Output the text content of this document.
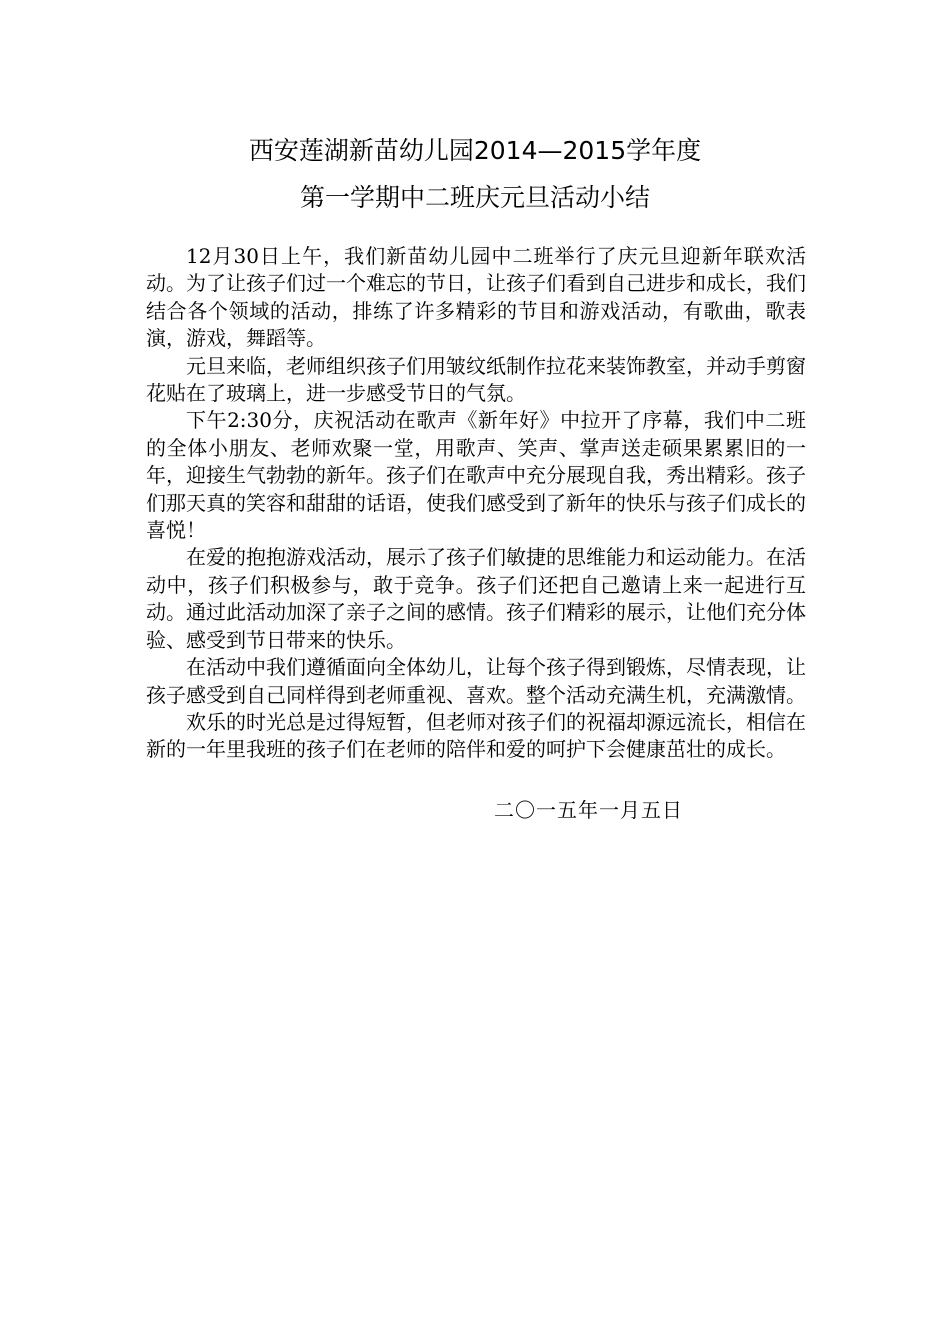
西安莲湖新苗幼儿园2014—2015学年度
第一学期中二班庆元旦活动小结

12月30日上午，我们新苗幼儿园中二班举行了庆元旦迎新年联欢活动。为了让孩子们过一个难忘的节日，让孩子们看到自己进步和成长，我们结合各个领域的活动，排练了许多精彩的节目和游戏活动，有歌曲，歌表演，游戏，舞蹈等。

元旦来临，老师组织孩子们用皱纹纸制作拉花来装饰教室，并动手剪窗花贴在了玻璃上，进一步感受节日的气氛。

下午2:30分，庆祝活动在歌声《新年好》中拉开了序幕，我们中二班的全体小朋友、老师欢聚一堂，用歌声、笑声、掌声送走硕果累累旧的一年，迎接生气勃勃的新年。孩子们在歌声中充分展现自我，秀出精彩。孩子们那天真的笑容和甜甜的话语，使我们感受到了新年的快乐与孩子们成长的喜悦！

在爱的抱抱游戏活动，展示了孩子们敏捷的思维能力和运动能力。在活动中，孩子们积极参与，敢于竞争。孩子们还把自己邀请上来一起进行互动。通过此活动加深了亲子之间的感情。孩子们精彩的展示，让他们充分体验、感受到节日带来的快乐。

在活动中我们遵循面向全体幼儿，让每个孩子得到锻炼，尽情表现，让孩子感受到自己同样得到老师重视、喜欢。整个活动充满生机，充满激情。

欢乐的时光总是过得短暂，但老师对孩子们的祝福却源远流长，相信在新的一年里我班的孩子们在老师的陪伴和爱的呵护下会健康茁壮的成长。

二〇一五年一月五日
